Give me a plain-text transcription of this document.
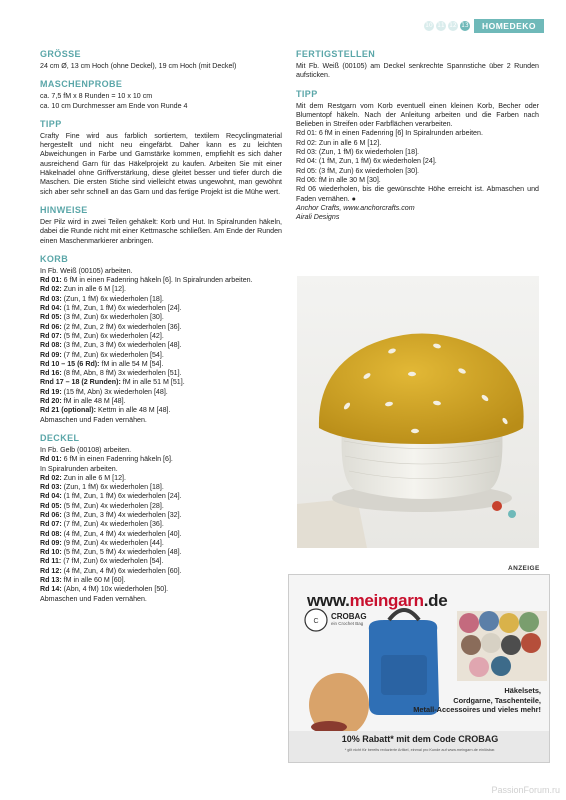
10 11 12 13	HOMEDEKO
GRÖSSE

24 cm Ø, 13 cm Hoch (ohne Deckel), 19 cm Hoch (mit Deckel)

MASCHENPROBE

ca. 7,5 fM x 8 Runden = 10 x 10 cm

ca. 10 cm Durchmesser am Ende von Runde 4

TIPP

Crafty Fine wird aus farblich sortiertem, textilem Recyclingmaterial hergestellt und nicht neu eingefärbt. Daher kann es zu leichten Abweichungen in Farbe und Garnstärke kommen, empfiehlt es sich daher ausreichend Garn für das Häkelprojekt zu kaufen. Arbeiten Sie mit einer Häkelnadel ohne Griffverstärkung, diese gleitet besser und tiefer durch die Maschen. Die ersten Stiche sind vielleicht etwas ungewohnt, man gewöhnt sich aber sehr schnell an das Garn und das fertige Projekt ist die Mühe wert.

HINWEISE

Der Pilz wird in zwei Teilen gehäkelt: Korb und Hut. In Spiralrunden häkeln, dabei die Runde nicht mit einer Kettmasche schließen. Am Ende der Runden einen Maschenmarkierer anbringen.

KORB

In Fb. Weiß (00105) arbeiten.

Rd 01: 6 fM in einen Fadenring häkeln [6]. In Spiralrunden arbeiten.

Rd 02: Zun in alle 6 M [12].

Rd 03: (Zun, 1 fM) 6x wiederholen [18].

Rd 04: (1 fM, Zun, 1 fM) 6x wiederholen [24].

Rd 05: (3 fM, Zun) 6x wiederholen [30].

Rd 06: (2 fM, Zun, 2 fM) 6x wiederholen [36].

Rd 07: (5 fM, Zun) 6x wiederholen [42].

Rd 08: (3 fM, Zun, 3 fM) 6x wiederholen [48].

Rd 09: (7 fM, Zun) 6x wiederholen [54].

Rd 10 – 15 (6 Rd): fM in alle 54 M [54].

Rd 16: (8 fM, Abn, 8 fM) 3x wiederholen [51].

Rnd 17 – 18 (2 Runden): fM in alle 51 M [51].

Rd 19: (15 fM, Abn) 3x wiederholen [48].

Rd 20: fM in alle 48 M [48].

Rd 21 (optional): Kettm in alle 48 M [48].

Abmaschen und Faden vernähen.

DECKEL

In Fb. Gelb (00108) arbeiten.

Rd 01: 6 fM in einen Fadenring häkeln [6].

In Spiralrunden arbeiten.

Rd 02: Zun in alle 6 M [12].

Rd 03: (Zun, 1 fM) 6x wiederholen [18].

Rd 04: (1 fM, Zun, 1 fM) 6x wiederholen [24].

Rd 05: (5 fM, Zun) 4x wiederholen [28].

Rd 06: (3 fM, Zun, 3 fM) 4x wiederholen [32].

Rd 07: (7 fM, Zun) 4x wiederholen [36].

Rd 08: (4 fM, Zun, 4 fM) 4x wiederholen [40].

Rd 09: (9 fM, Zun) 4x wiederholen [44].

Rd 10: (5 fM, Zun, 5 fM) 4x wiederholen [48].

Rd 11: (7 fM, Zun) 6x wiederholen [54].

Rd 12: (4 fM, Zun, 4 fM) 6x wiederholen [60].

Rd 13: fM in alle 60 M [60].

Rd 14: (Abn, 4 fM) 10x wiederholen [50].

Abmaschen und Faden vernähen.

FERTIGSTELLEN

Mit Fb. Weiß (00105) am Deckel senkrechte Spannstiche über 2 Runden aufsticken.

TIPP

Mit dem Restgarn vom Korb eventuell einen kleinen Korb, Becher oder Blumentopf häkeln. Nach der Anleitung arbeiten und die Farben nach Belieben in Streifen oder Farbflächen verarbeiten.

Rd 01: 6 fM in einen Fadenring [6] In Spiralrunden arbeiten.

Rd 02: Zun in alle 6 M [12].

Rd 03: (Zun, 1 fM) 6x wiederholen [18].

Rd 04: (1 fM, Zun, 1 fM) 6x wiederholen [24].

Rd 05: (3 fM, Zun) 6x wiederholen [30].

Rd 06: fM in alle 30 M [30].

Rd 06 wiederholen, bis die gewünschte Höhe erreicht ist. Abmaschen und Faden vernähen. ●

Anchor Crafts, www.anchorcrafts.com

Airali Designs

ANZEIGE
C
www.meingarn.de
CROBAG
ein Crochet Bag
Häkelsets,
Cordgarne, Taschenteile,
Metall-Accessoires und vieles mehr!
10% Rabatt* mit dem Code CROBAG
* gilt nicht für bereits reduzierte Artikel, einmal pro Kunde auf www.meingarn.de einlösbar.
PassionForum.ru
